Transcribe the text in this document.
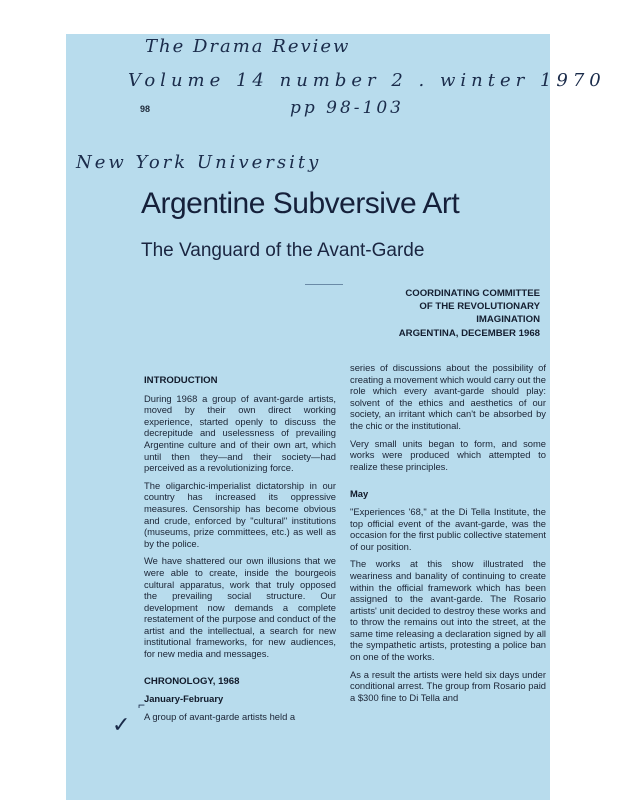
The Drama Review
Volume 14 number 2 . winter 1970
pp 98-103
New York University
98
Argentine Subversive Art
The Vanguard of the Avant-Garde
COORDINATING COMMITTEE
OF THE REVOLUTIONARY
IMAGINATION
ARGENTINA, DECEMBER 1968
INTRODUCTION

During 1968 a group of avant-garde artists, moved by their own direct working experience, started openly to discuss the decrepitude and uselessness of prevailing Argentine culture and of their own art, which until then they—and their society—had perceived as a revolutionizing force.

The oligarchic-imperialist dictatorship in our country has increased its oppressive measures. Censorship has become obvious and crude, enforced by "cultural" institutions (museums, prize committees, etc.) as well as by the police.

We have shattered our own illusions that we were able to create, inside the bourgeois cultural apparatus, work that truly opposed the prevailing social structure. Our development now demands a complete restatement of the purpose and conduct of the artist and the intellectual, a search for new institutional frameworks, for new audiences, for new media and messages.

CHRONOLOGY, 1968
January-February

A group of avant-garde artists held a

series of discussions about the possibility of creating a movement which would carry out the role which every avant-garde should play: solvent of the ethics and aesthetics of our society, an irritant which can't be absorbed by the chic or the institutional.

Very small units began to form, and some works were produced which attempted to realize these principles.

May

"Experiences '68," at the Di Tella Institute, the top official event of the avant-garde, was the occasion for the first public collective statement of our position.

The works at this show illustrated the weariness and banality of continuing to create within the official framework which has been assigned to the avant-garde. The Rosario artists' unit decided to destroy these works and to throw the remains out into the street, at the same time releasing a declaration signed by all the sympathetic artists, protesting a police ban on one of the works.

As a result the artists were held six days under conditional arrest. The group from Rosario paid a $300 fine to Di Tella and

✓
⌐
